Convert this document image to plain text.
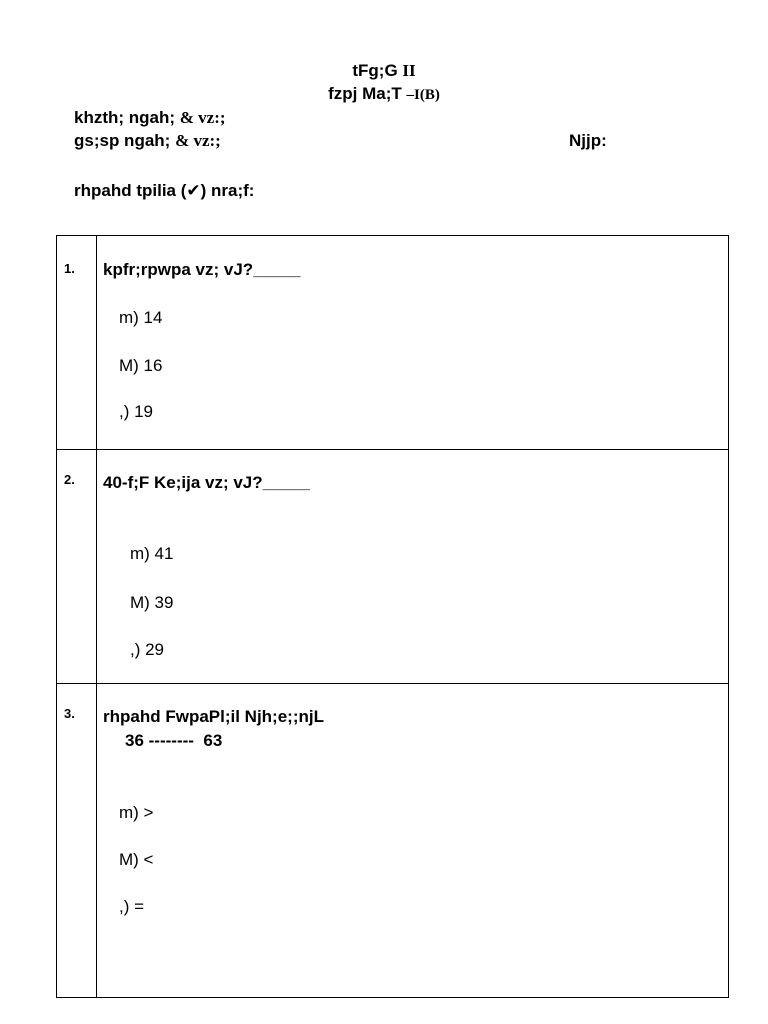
tFg;G II
fzpj Ma;T –I(B)
khzth; ngah; & vz:;
gs;sp ngah; & vz:;	Njjp:
rhpahd tpilia (✔) nra;f:
1. kpfr;rpwpa vz; vJ?_____
m) 14
M) 16
,) 19
2. 40-f;F Ke;ija vz; vJ?_____
m) 41
M) 39
,) 29
3. rhpahd FwpaPl;il Njh;e;;njL
36 --------  63
m) >
M) <
,) =
